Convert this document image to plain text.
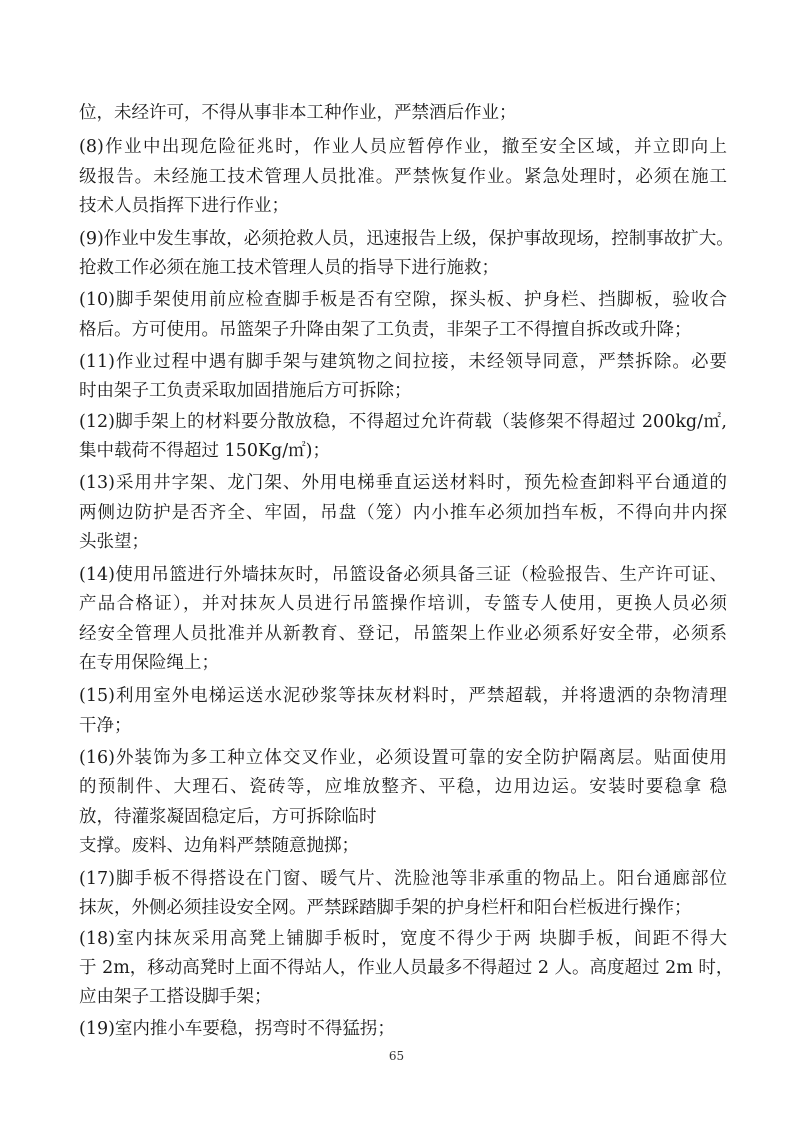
位，未经许可，不得从事非本工种作业，严禁酒后作业；
(8)作业中出现危险征兆时，作业人员应暂停作业，撤至安全区域，并立即向上
级报告。未经施工技术管理人员批准。严禁恢复作业。紧急处理时，必须在施工
技术人员指挥下进行作业；
(9)作业中发生事故，必须抢救人员，迅速报告上级，保护事故现场，控制事故扩大。
抢救工作必须在施工技术管理人员的指导下进行施救；
(10)脚手架使用前应检查脚手板是否有空隙，探头板、护身栏、挡脚板，验收合
格后。方可使用。吊篮架子升降由架了工负责，非架子工不得擅自拆改或升降；
(11)作业过程中遇有脚手架与建筑物之间拉接，未经领导同意，严禁拆除。必要
时由架子工负责采取加固措施后方可拆除；
(12)脚手架上的材料要分散放稳，不得超过允许荷载（装修架不得超过 200kg/㎡,
集中载荷不得超过 150Kg/㎡)；
(13)采用井字架、龙门架、外用电梯垂直运送材料时，预先检查卸料平台通道的
两侧边防护是否齐全、牢固，吊盘（笼）内小推车必须加挡车板，不得向井内探
头张望；
(14)使用吊篮进行外墙抹灰时，吊篮设备必须具备三证（检验报告、生产许可证、
产品合格证），并对抹灰人员进行吊篮操作培训，专篮专人使用，更换人员必须
经安全管理人员批准并从新教育、登记，吊篮架上作业必须系好安全带，必须系
在专用保险绳上；
(15)利用室外电梯运送水泥砂浆等抹灰材料时，严禁超载，并将遗洒的杂物清理
干净；
(16)外装饰为多工种立体交叉作业，必须设置可靠的安全防护隔离层。贴面使用
的预制件、大理石、瓷砖等，应堆放整齐、平稳，边用边运。安装时要稳拿 稳
放，待灌浆凝固稳定后，方可拆除临时
支撑。废料、边角料严禁随意抛掷；
(17)脚手板不得搭设在门窗、暖气片、洗脸池等非承重的物品上。阳台通廊部位
抹灰，外侧必须挂设安全网。严禁踩踏脚手架的护身栏杆和阳台栏板进行操作；
(18)室内抹灰采用高凳上铺脚手板时，宽度不得少于两 块脚手板，间距不得大
于 2m，移动高凳时上面不得站人，作业人员最多不得超过 2 人。高度超过 2m 时，
应由架子工搭设脚手架；
(19)室内推小车要稳，拐弯时不得猛拐；
65
